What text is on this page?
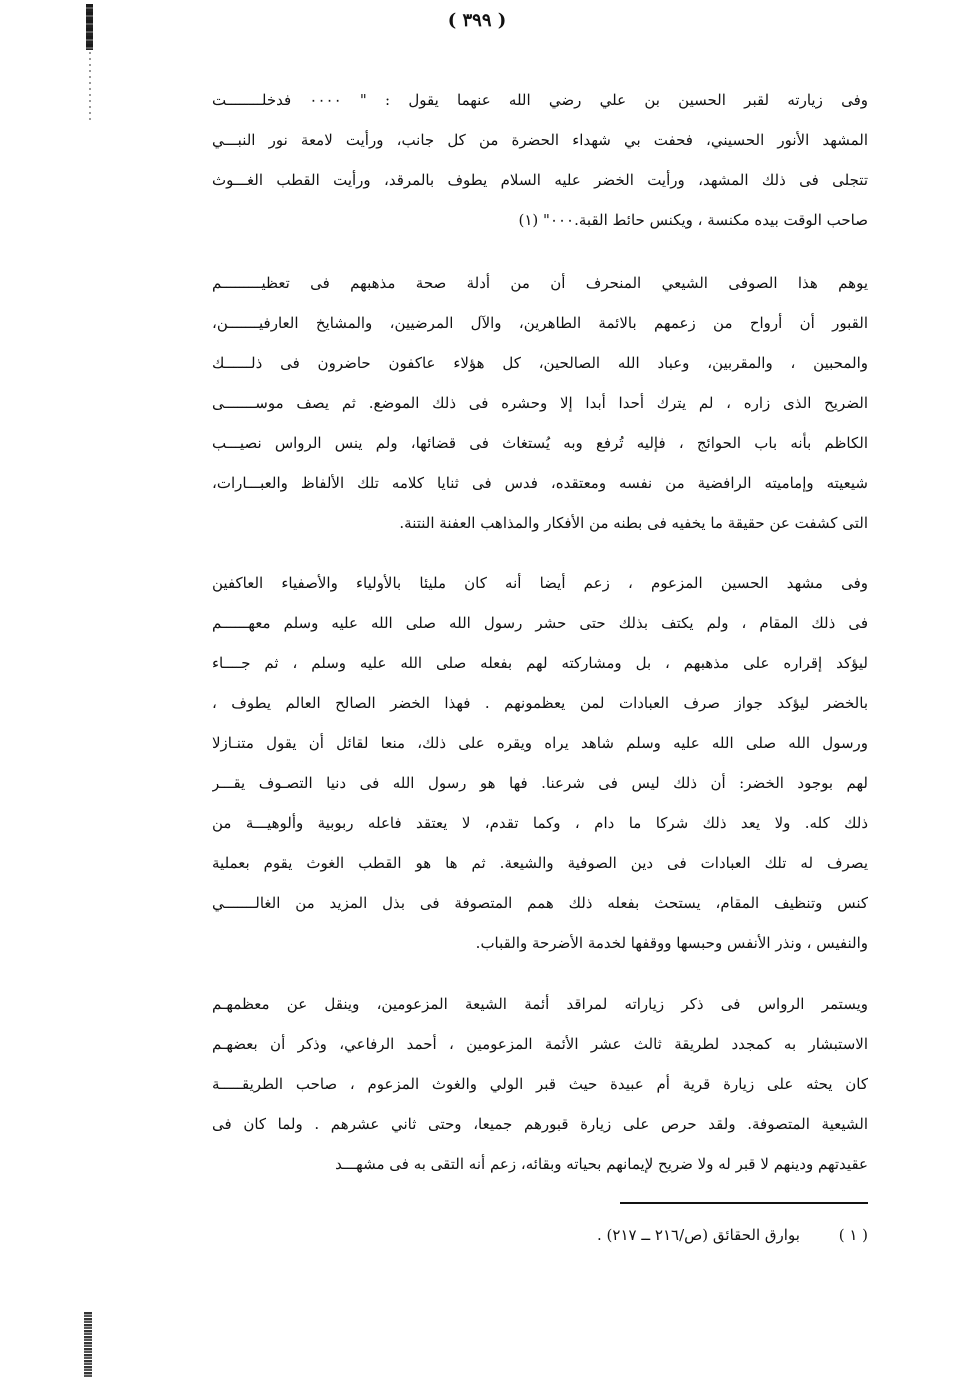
( ٣٩٩ )
وفى زيارته لقبر الحسين بن علي رضي الله عنهما يقول : " ٠٠٠٠ فدخلــــــــت
المشهد الأنور الحسيني، فحفت بي شهداء الحضرة من كل جانب، ورأيت لامعة نور النبـــي
تتجلى فى ذلك المشهد، ورأيت الخضر عليه السلام يطوف بالمرقد، ورأيت القطب الغـــوث
صاحب الوقت بيده مكنسة ، ويكنس حائط القبة.٠٠٠" (١)
يوهم هذا الصوفى الشيعي المنحرف أن من أدلة صحة مذهبهم فى تعظيـــــــــم
القبور أن أرواح من زعمهم بالائمة الطاهرين، والآل المرضيين، والمشايخ العارفيـــــــن،
والمحبين ، والمقربين، وعباد الله الصالحين، كل هؤلاء عاكفون حاضرون فى ذلــــــك
الضريح الذى زاره ، لم يترك أحدا أبدا إلا وحشره فى ذلك الموضع. ثم يصف موســـــــى
الكاظم بأنه باب الحوائج ، فإليه تُرفع وبه يُستغاث فى قضائها، ولم ينس الرواس نصيـــب
شيعيته وإماميته الرافضية من نفسه ومعتقده، فدس فى ثنايا كلامه تلك الألفاظ والعبـــارات،
التى كشفت عن حقيقة ما يخفيه فى بطنه من الأفكار والمذاهب العفنة النتنة.
وفى مشهد الحسين المزعوم ، زعم أيضا أنه كان مليئا بالأولياء والأصفياء العاكفين
فى ذلك المقام ، ولم يكتف بذلك حتى حشر رسول الله صلى الله عليه وسلم معهــــــم
ليؤكد إقراره على مذهبهم ، بل ومشاركته لهم بفعله صلى الله عليه وسلم ، ثم جــــاء
بالخضر ليؤكد جواز صرف العبادات لمن يعظمونهم . فهذا الخضر الصالح العالم يطوف ،
ورسول الله صلى الله عليه وسلم شاهد يراه ويقره على ذلك، منعا لقائل أن يقول متنـازلا
لهم بوجود الخضر: أن ذلك ليس فى شرعنا. فها هو رسول الله فى دنيا التصـوف يقـــر
ذلك كله. ولا يعد ذلك شركا ما دام ، وكما تقدم، لا يعتقد فاعله ربوبية وألوهيـــة من
يصرف له تلك العبادات فى دين الصوفية والشيعة. ثم ها هو القطب الغوث يقوم بعملية
كنس وتنظيف المقام، يستحث بفعله ذلك همم المتصوفة فى بذل المزيد من الغالـــــــي
والنفيس ، ونذر الأنفس وحبسها ووقفها لخدمة الأضرحة والقباب.
ويستمر الرواس فى ذكر زياراته لمراقد أئمة الشيعة المزعومين، وينقل عن معظمهـم
الاستبشار به كمجدد لطريقة ثالث عشر الأئمة المزعومين ، أحمد الرفاعي، وذكر أن بعضهـم
كان يحثه على زيارة قرية أم عبيدة حيث قبر الولي والغوث المزعوم ، صاحب الطريقـــــة
الشيعية المتصوفة. ولقد حرص على زيارة قبورهم جميعا، وحتى ثاني عشرهم . ولما كان فى
عقيدتهم ودينهم لا قبر له ولا ضريح لإيمانهم بحياته وبقائه، زعم أنه التقى به فى مشهـــد
( ١ ) بوارق الحقائق (ص/٢١٦ ــ ٢١٧) .
